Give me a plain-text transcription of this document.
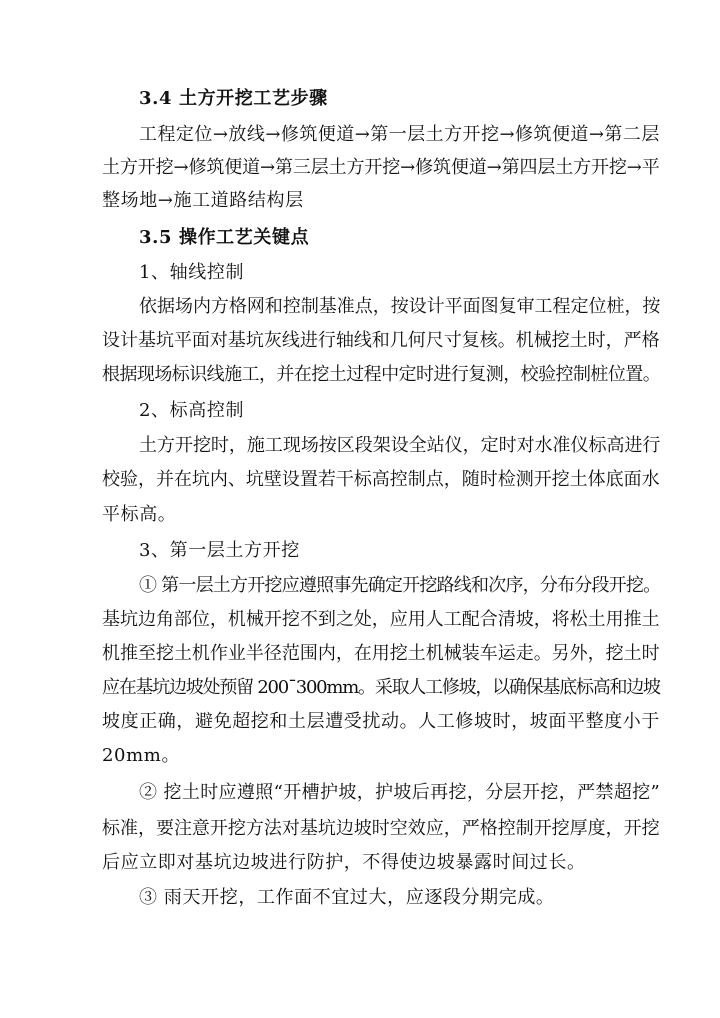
3.4 土方开挖工艺步骤
工程定位→放线→修筑便道→第一层土方开挖→修筑便道→第二层
土方开挖→修筑便道→第三层土方开挖→修筑便道→第四层土方开挖→平
整场地→施工道路结构层
3.5 操作工艺关键点
1、轴线控制
依据场内方格网和控制基准点，按设计平面图复审工程定位桩，按
设计基坑平面对基坑灰线进行轴线和几何尺寸复核。机械挖土时，严格
根据现场标识线施工，并在挖土过程中定时进行复测，校验控制桩位置。
2、标高控制
土方开挖时，施工现场按区段架设全站仪，定时对水准仪标高进行
校验，并在坑内、坑壁设置若干标高控制点，随时检测开挖土体底面水
平标高。
3、第一层土方开挖
① 第一层土方开挖应遵照事先确定开挖路线和次序，分布分段开挖。
基坑边角部位，机械开挖不到之处，应用人工配合清坡，将松土用推土
机推至挖土机作业半径范围内，在用挖土机械装车运走。另外，挖土时
应在基坑边坡处预留 200¯300mm。采取人工修坡，以确保基底标高和边坡
坡度正确，避免超挖和土层遭受扰动。人工修坡时，坡面平整度小于
20mm。
② 挖土时应遵照“开槽护坡，护坡后再挖，分层开挖，严禁超挖”
标准，要注意开挖方法对基坑边坡时空效应，严格控制开挖厚度，开挖
后应立即对基坑边坡进行防护，不得使边坡暴露时间过长。
③ 雨天开挖，工作面不宜过大，应逐段分期完成。
